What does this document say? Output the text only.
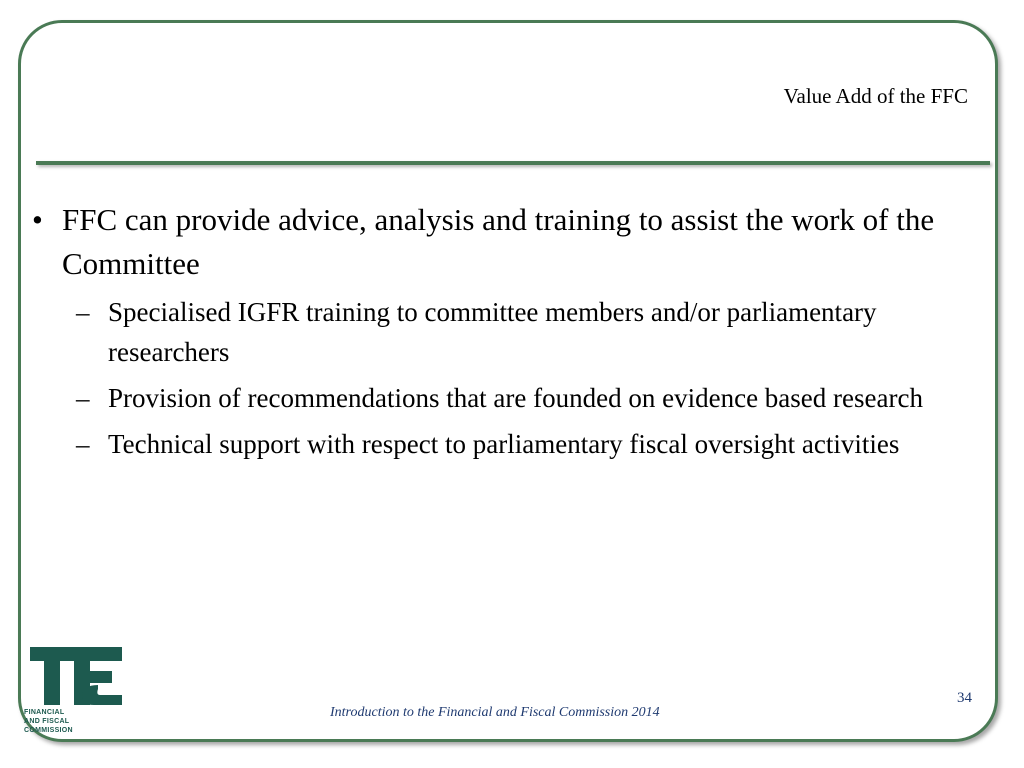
Value Add of the FFC
• FFC can provide advice, analysis and training to assist the work of the Committee
– Specialised IGFR training to committee members and/or parliamentary researchers
– Provision of recommendations that are founded on evidence based research
– Technical support with respect to parliamentary fiscal oversight activities
FINANCIAL
AND FISCAL
COMMISSION
Introduction to the Financial and Fiscal Commission 2014
34
